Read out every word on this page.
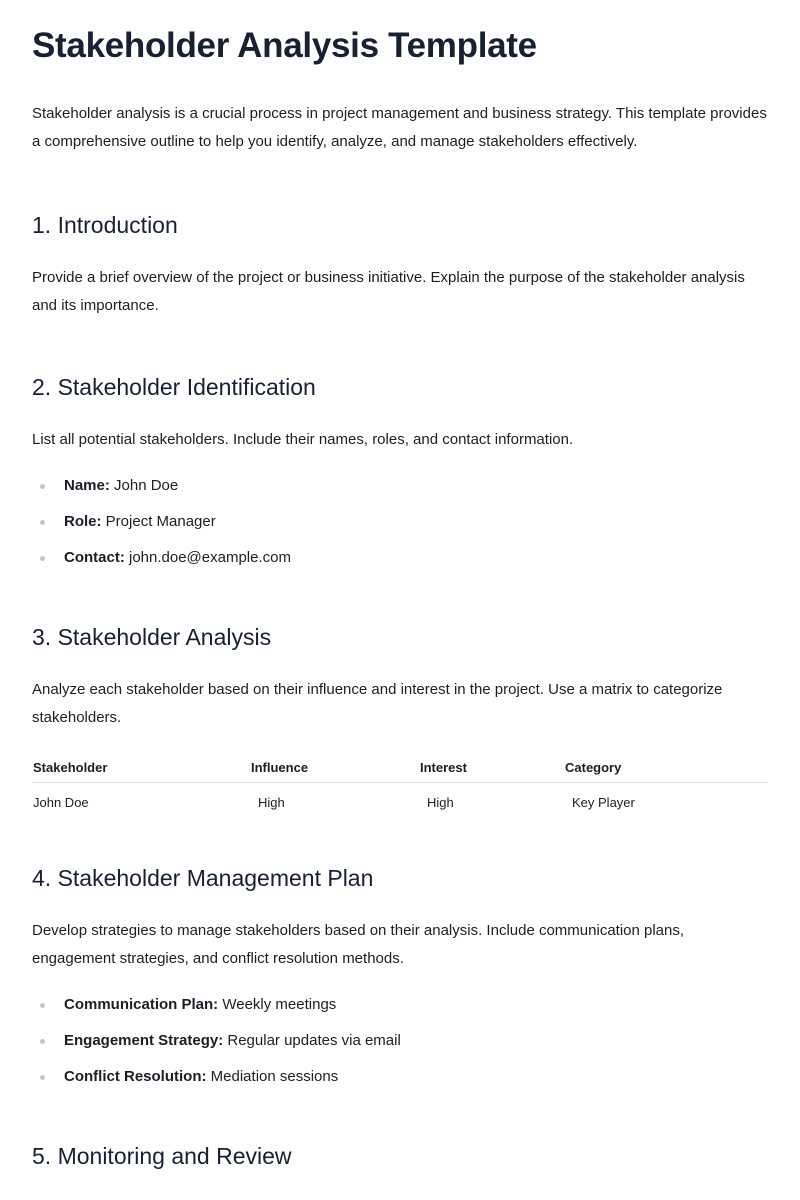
Stakeholder Analysis Template

Stakeholder analysis is a crucial process in project management and business strategy. This template provides a comprehensive outline to help you identify, analyze, and manage stakeholders effectively.

1. Introduction

Provide a brief overview of the project or business initiative. Explain the purpose of the stakeholder analysis and its importance.

2. Stakeholder Identification

List all potential stakeholders. Include their names, roles, and contact information.

Name: John Doe
Role: Project Manager
Contact: john.doe@example.com
3. Stakeholder Analysis

Analyze each stakeholder based on their influence and interest in the project. Use a matrix to categorize stakeholders.

Stakeholder	Influence	Interest	Category
John Doe	High	High	Key Player
4. Stakeholder Management Plan

Develop strategies to manage stakeholders based on their analysis. Include communication plans, engagement strategies, and conflict resolution methods.

Communication Plan: Weekly meetings
Engagement Strategy: Regular updates via email
Conflict Resolution: Mediation sessions
5. Monitoring and Review
